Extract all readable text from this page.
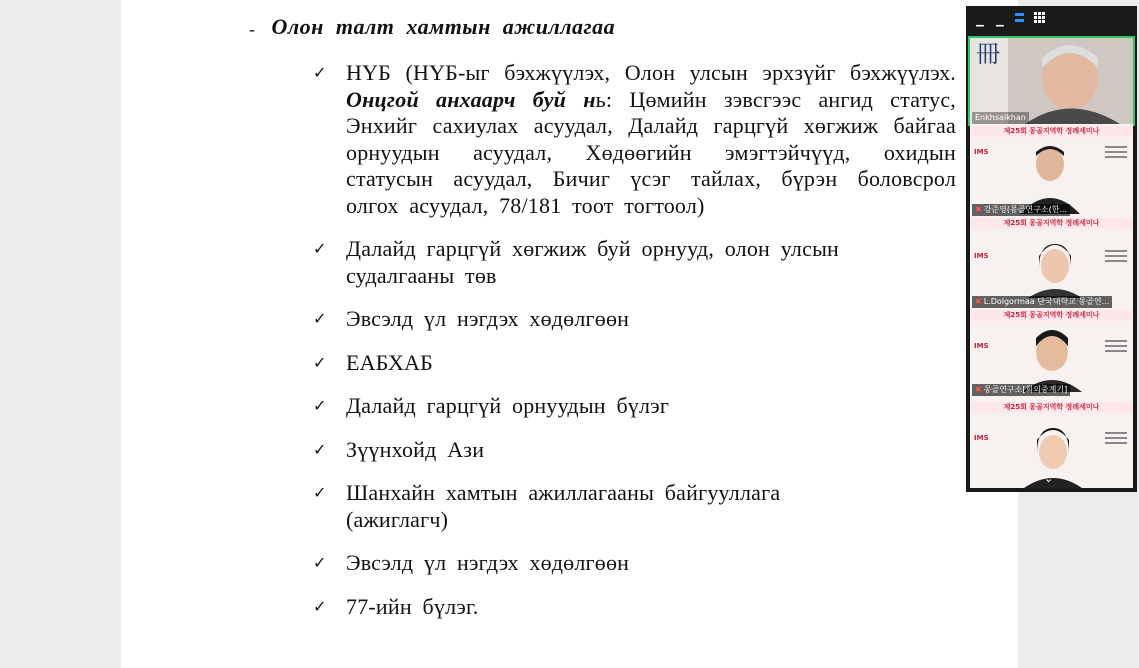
- Олон талт хамтын ажиллагаа
✓ НҮБ (НҮБ-ыг бэхжүүлэх, Олон улсын эрхзүйг бэхжүүлэх. Онцгой анхаарч буй нь: Цөмийн зэвсгээс ангид статус, Энхийг сахиулах асуудал, Далайд гарцгүй хөгжиж байгаа орнуудын асуудал, Хөдөөгийн эмэгтэйчүүд, охидын статусын асуудал, Бичиг үсэг тайлах, бүрэн боловсрол олгох асуудал, 78/181 тоот тогтоол)
✓ Далайд гарцгүй хөгжиж буй орнууд, олон улсын судалгааны төв
✓ Эвсэлд үл нэгдэх хөдөлгөөн
✓ ЕАБХАБ
✓ Далайд гарцгүй орнуудын бүлэг
✓ Зүүнхойд Ази
✓ Шанхайн хамтын ажиллагааны байгууллага (ажиглагч)
✓ Эвсэлд үл нэгдэх хөдөлгөөн
✓ 77-ийн бүлэг.
▁ ▁
冊
Enkhsaikhan
제25회 몽골지역학 정례세미나
IMS
✖ 강준영(몽골연구소(한...
제25회 몽골지역학 정례세미나
IMS
✖ L.Dolgormaa 단국대학교 몽골연...
제25회 몽골지역학 정례세미나
IMS
✖ 몽골연구소[회의중계기]
제25회 몽골지역학 정례세미나
IMS
⌄
